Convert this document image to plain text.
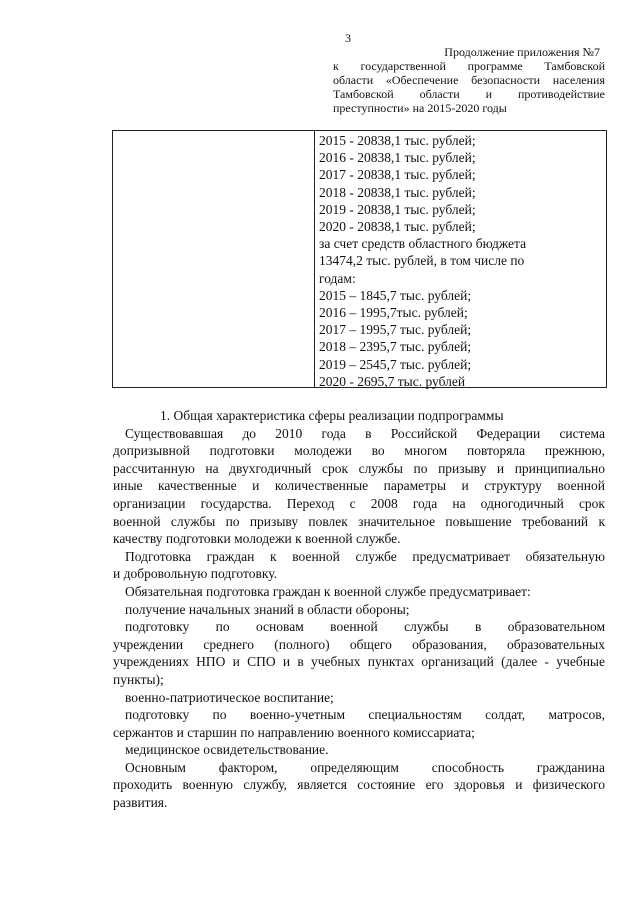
3
Продолжение приложения №7
к государственной программе Тамбовской
области «Обеспечение безопасности населения
Тамбовской области и противодействие
преступности» на 2015-2020 годы
2015 - 20838,1 тыс. рублей;
2016 - 20838,1 тыс. рублей;
2017 - 20838,1 тыс. рублей;
2018 - 20838,1 тыс. рублей;
2019 - 20838,1 тыс. рублей;
2020 - 20838,1 тыс. рублей;
за счет средств областного бюджета
13474,2 тыс. рублей, в том числе по
годам:
2015 – 1845,7 тыс. рублей;
2016 – 1995,7тыс. рублей;
2017 – 1995,7 тыс. рублей;
2018 – 2395,7 тыс. рублей;
2019 – 2545,7 тыс. рублей;
2020 - 2695,7 тыс. рублей
1. Общая характеристика сферы реализации подпрограммы
Существовавшая до 2010 года в Российской Федерации система
допризывной подготовки молодежи во многом повторяла прежнюю,
рассчитанную на двухгодичный срок службы по призыву и принципиально
иные качественные и количественные параметры и структуру военной
организации государства. Переход с 2008 года на одногодичный срок
военной службы по призыву повлек значительное повышение требований к
качеству подготовки молодежи к военной службе.
Подготовка граждан к военной службе предусматривает обязательную
и добровольную подготовку.
Обязательная подготовка граждан к военной службе предусматривает:
получение начальных знаний в области обороны;
подготовку по основам военной службы в образовательном
учреждении среднего (полного) общего образования, образовательных
учреждениях НПО и СПО и в учебных пунктах организаций (далее - учебные
пункты);
военно-патриотическое воспитание;
подготовку по военно-учетным специальностям солдат, матросов,
сержантов и старшин по направлению военного комиссариата;
медицинское освидетельствование.
Основным фактором, определяющим способность гражданина
проходить военную службу, является состояние его здоровья и физического
развития.
